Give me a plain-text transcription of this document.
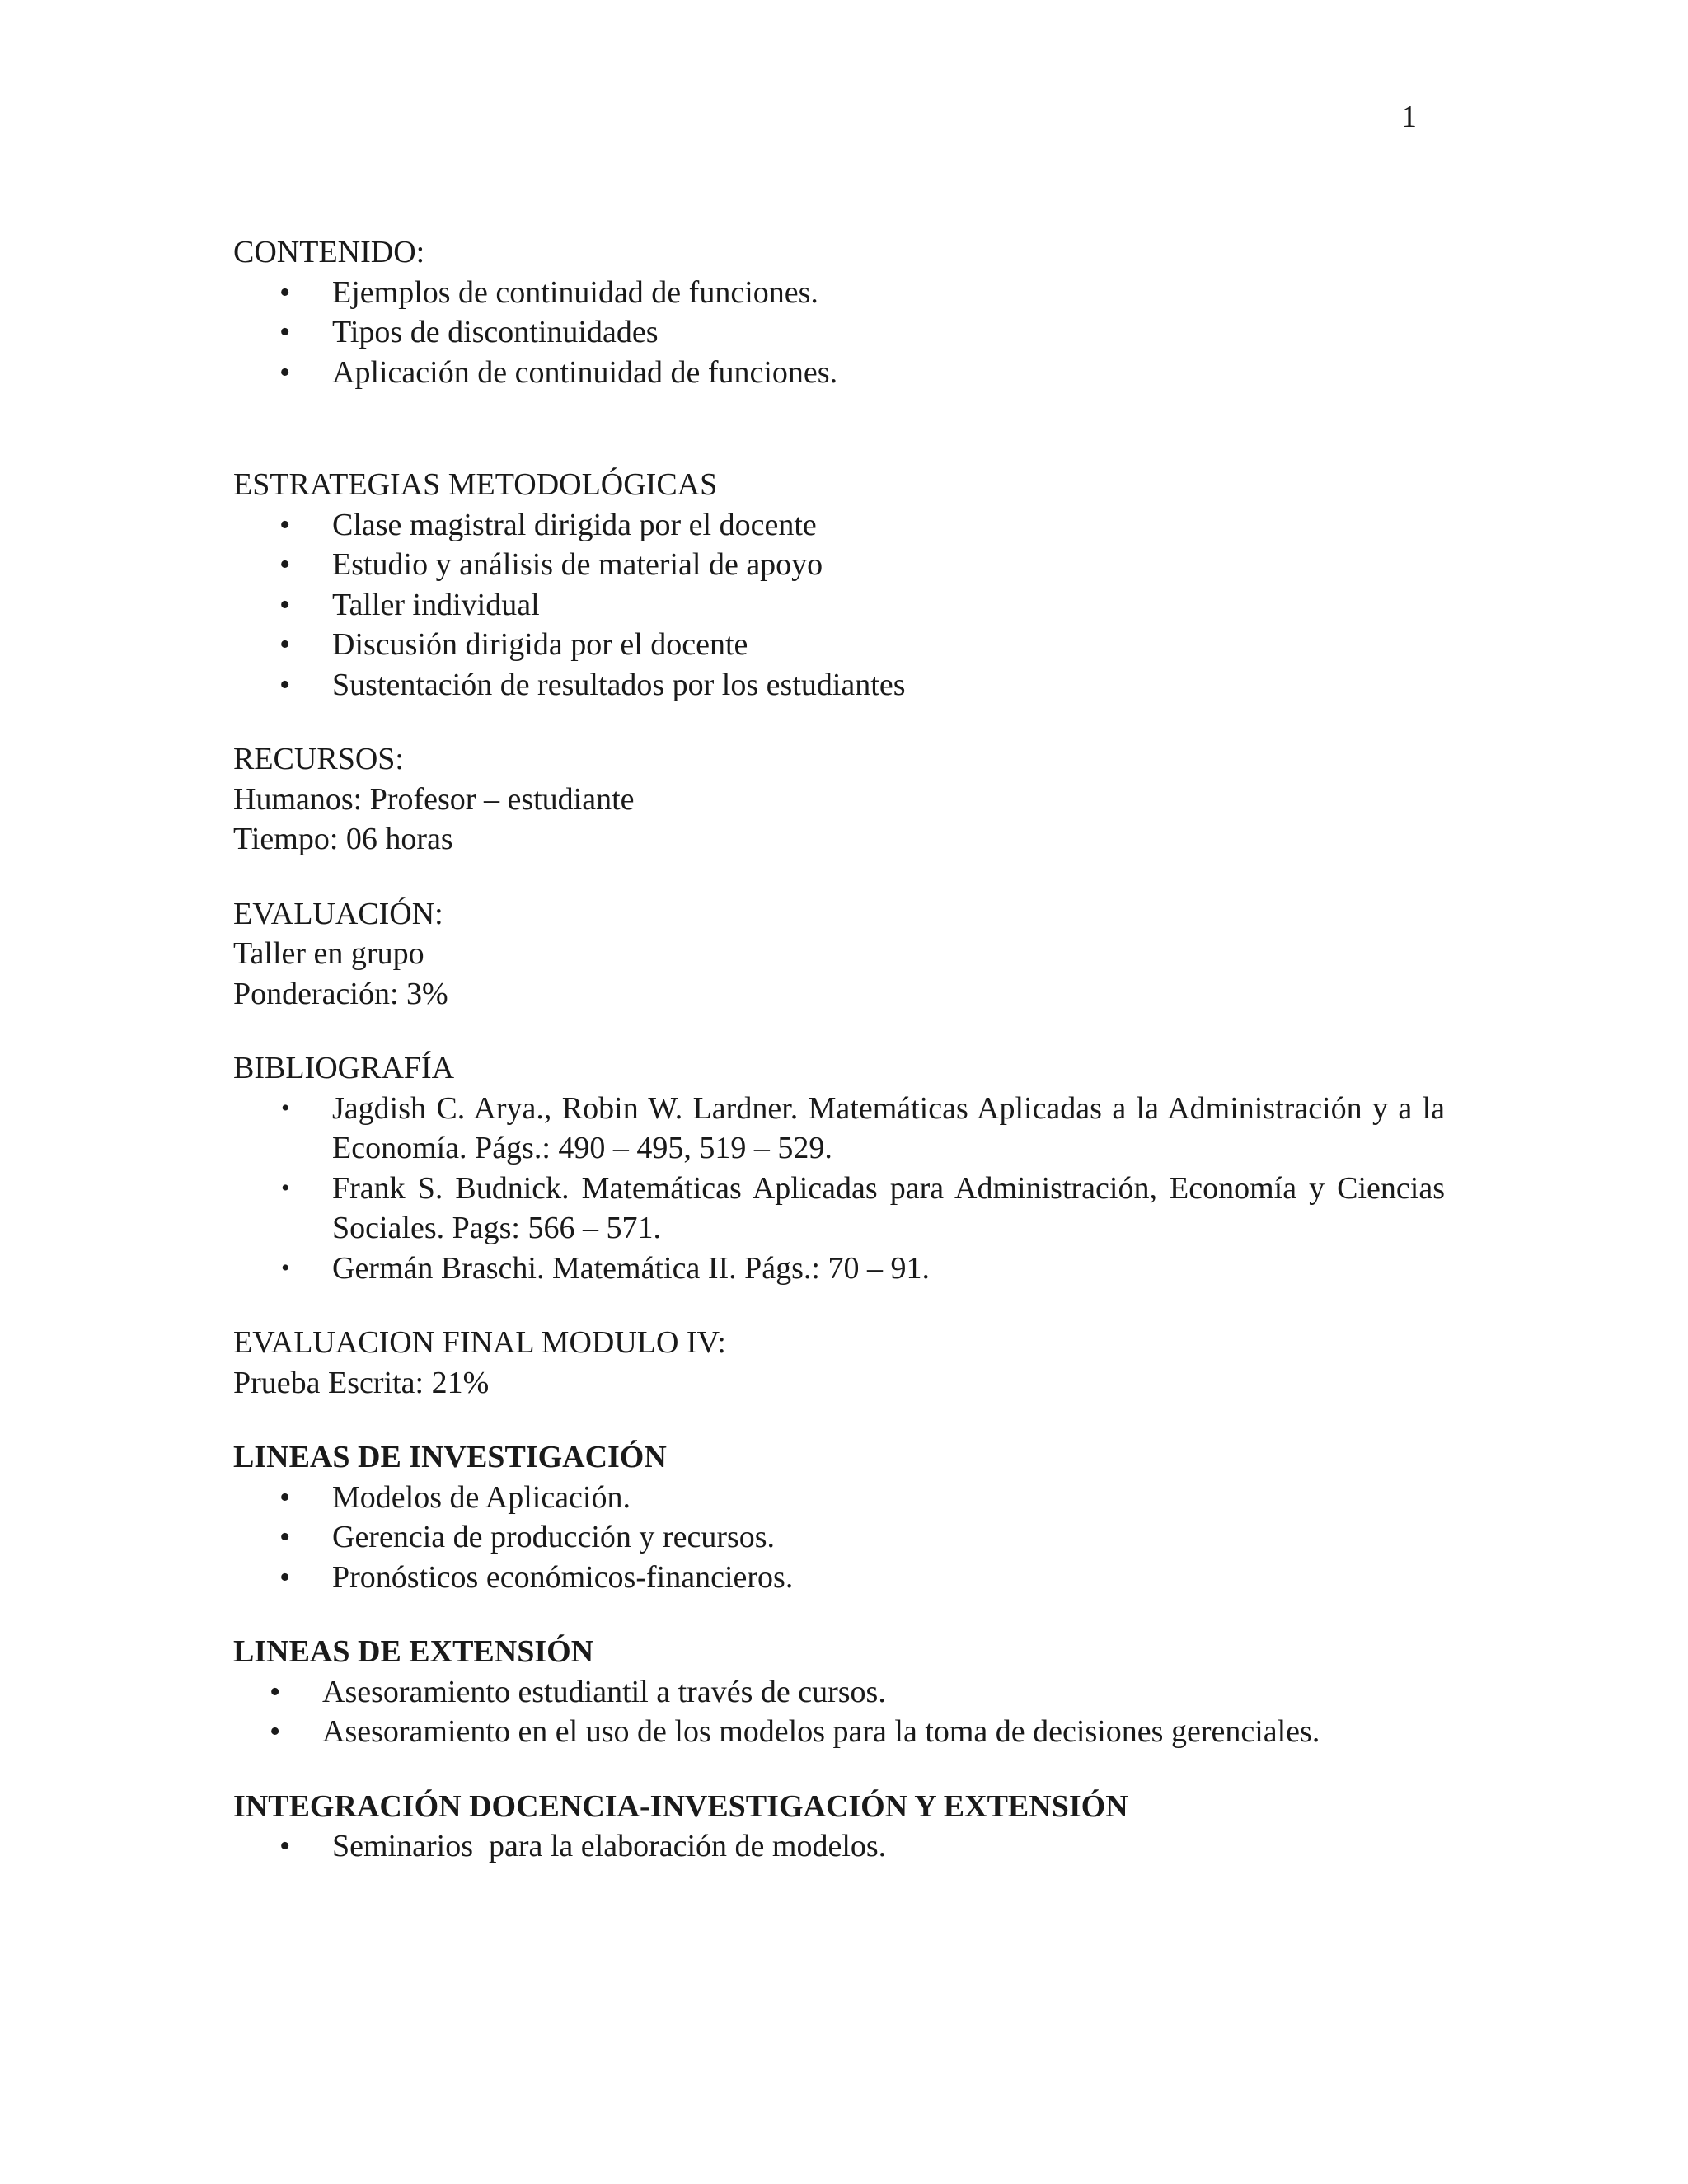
1

CONTENIDO:

• Ejemplos de continuidad de funciones.
• Tipos de discontinuidades
• Aplicación de continuidad de funciones.

ESTRATEGIAS METODOLÓGICAS

• Clase magistral dirigida por el docente
• Estudio y análisis de material de apoyo
• Taller individual
• Discusión dirigida por el docente
• Sustentación de resultados por los estudiantes

RECURSOS:

Humanos: Profesor – estudiante

Tiempo: 06 horas

EVALUACIÓN:

Taller en grupo

Ponderación: 3%

BIBLIOGRAFÍA

• Jagdish C. Arya., Robin W. Lardner. Matemáticas Aplicadas a la Administración y a la Economía. Págs.: 490 – 495, 519 – 529.
• Frank S. Budnick. Matemáticas Aplicadas para Administración, Economía y Ciencias Sociales. Pags: 566 – 571.
• Germán Braschi. Matemática II. Págs.: 70 – 91.

EVALUACION FINAL MODULO IV:

Prueba Escrita: 21%

LINEAS DE INVESTIGACIÓN

• Modelos de Aplicación.
• Gerencia de producción y recursos.
• Pronósticos económicos-financieros.

LINEAS DE EXTENSIÓN

• Asesoramiento estudiantil a través de cursos.
• Asesoramiento en el uso de los modelos para la toma de decisiones gerenciales.

INTEGRACIÓN DOCENCIA-INVESTIGACIÓN Y EXTENSIÓN

• Seminarios  para la elaboración de modelos.
